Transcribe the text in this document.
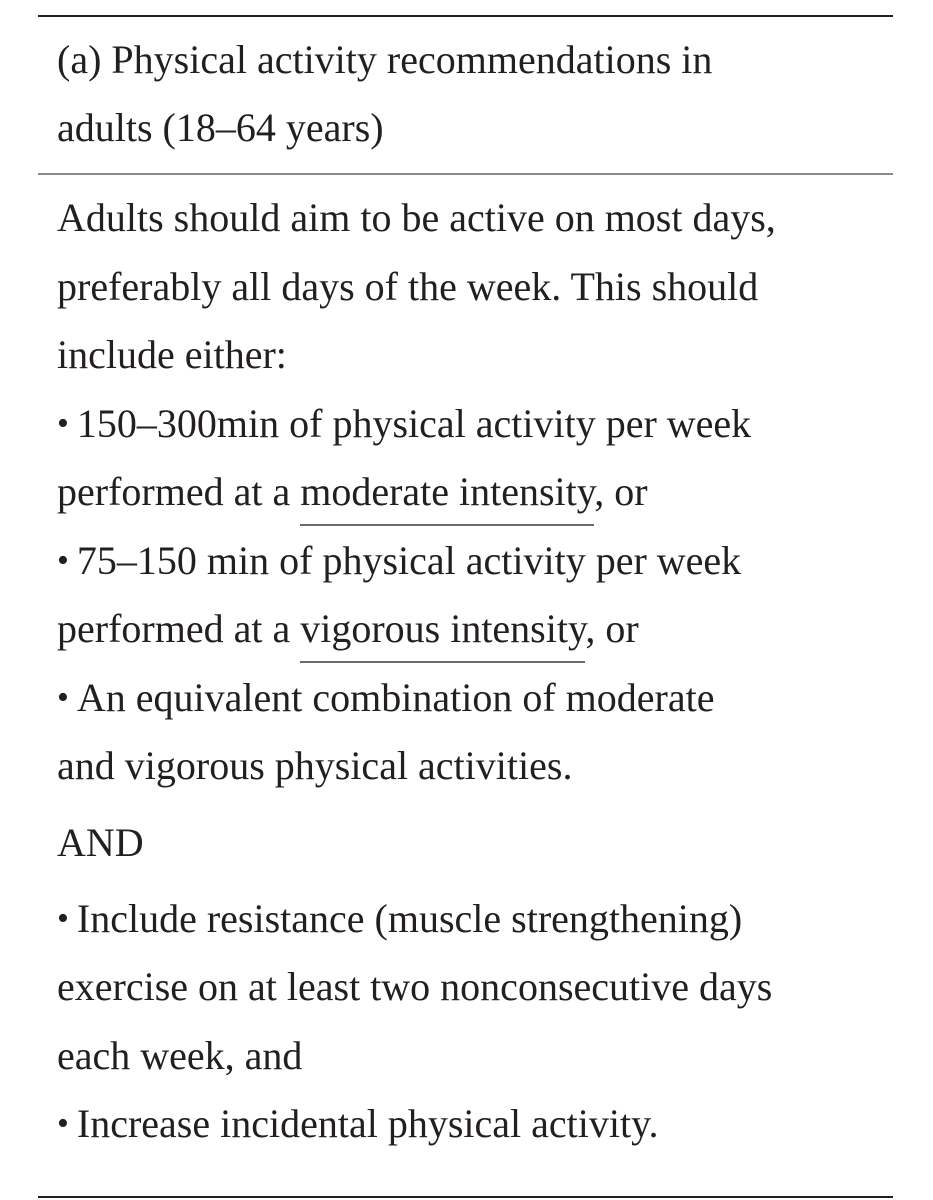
(a) Physical activity recommendations in
adults (18–64 years)
Adults should aim to be active on most days,
preferably all days of the week. This should
include either:
• 150–300min of physical activity per week
performed at a moderate intensity, or
• 75–150 min of physical activity per week
performed at a vigorous intensity, or
• An equivalent combination of moderate
and vigorous physical activities.
AND
• Include resistance (muscle strengthening)
exercise on at least two nonconsecutive days
each week, and
• Increase incidental physical activity.
